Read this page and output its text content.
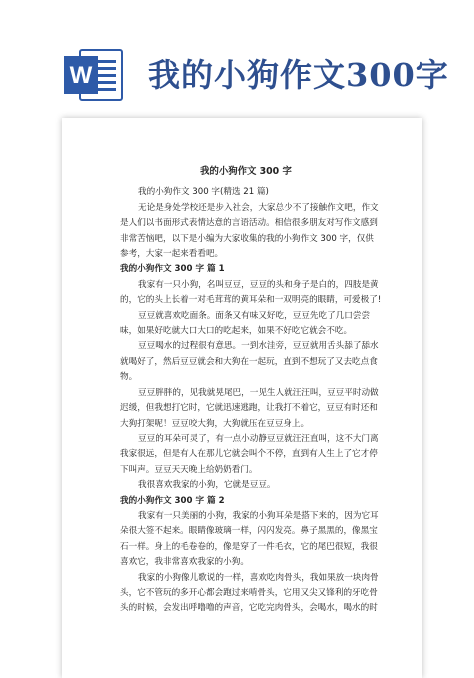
W 我的小狗作文300字
我的小狗作文 300 字
我的小狗作文 300 字(精选 21 篇)

无论是身处学校还是步入社会，大家总少不了接触作文吧，作文是人们以书面形式表情达意的言语活动。相信很多朋友对写作文感到非常苦恼吧，以下是小编为大家收集的我的小狗作文 300 字，仅供参考，大家一起来看看吧。

我的小狗作文 300 字 篇 1

我家有一只小狗，名叫豆豆，豆豆的头和身子是白的，四肢是黄的，它的头上长着一对毛茸茸的黄耳朵和一双明亮的眼睛，可爱极了!

豆豆就喜欢吃面条。面条又有味又好吃，豆豆先吃了几口尝尝味，如果好吃就大口大口的吃起来，如果不好吃它就会不吃。

豆豆喝水的过程很有意思。一到水洼旁，豆豆就用舌头舔了舔水就喝好了，然后豆豆就会和大狗在一起玩，直到不想玩了又去吃点食物。

豆豆胖胖的，见我就晃尾巴，一见生人就汪汪叫，豆豆平时动做迟缓，但我想打它时，它就迅速逃跑，让我打不着它，豆豆有时还和大狗打架呢！豆豆咬大狗，大狗就压在豆豆身上。

豆豆的耳朵可灵了，有一点小动静豆豆就汪汪直叫，这不大门离我家很远，但是有人在那儿它就会叫个不停，直到有人生上了它才停下叫声。豆豆天天晚上给奶奶看门。

我很喜欢我家的小狗，它就是豆豆。

我的小狗作文 300 字 篇 2

我家有一只美丽的小狗，我家的小狗耳朵是搭下来的，因为它耳朵很大签不起来。眼睛像玻璃一样，闪闪发亮。鼻子黑黑的，像黑宝石一样。身上的毛卷卷的，像是穿了一件毛衣，它的尾巴很短，我很喜欢它，我非常喜欢我家的小狗。

我家的小狗像儿歌说的一样，喜欢吃肉骨头，我如果放一块肉骨头，它不管玩的多开心都会跑过来啃骨头，它用又尖又锋利的牙吃骨头的时候，会发出呼噜噜的声音，它吃完肉骨头，会喝水，喝水的时
